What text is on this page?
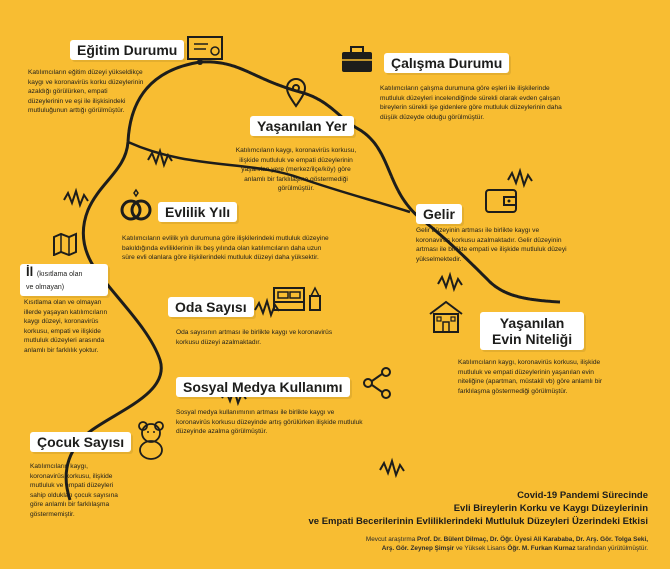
Eğitim Durumu
Katılımcıların eğitim düzeyi yükseldikçe
kaygı ve koronavirüs korku düzeylerinin
azaldığı görülürken, empati
düzeylerinin ve eşi ile ilişkisindeki
mutluluğunun arttığı görülmüştür.
Çalışma Durumu
Katılımcıların çalışma durumuna göre eşleri ile ilişkilerinde
mutluluk düzeyleri incelendiğinde sürekli olarak evden çalışan
bireylerin sürekli işe gidenlere göre mutluluk düzeylerinin daha
düşük düzeyde olduğu görülmüştür.
Yaşanılan Yer
Katılımcıların kaygı, koronavirüs korkusu,
ilişkide mutluluk ve empati düzeylerinin
yaşanılan yere (merkez/ilçe/köy) göre
anlamlı bir farklılaşma göstermediği
görülmüştür.
Evlilik Yılı
Katılımcıların evlilik yılı durumuna göre ilişkilerindeki mutluluk düzeyine
bakıldığında evliliklerinin ilk beş yılında olan katılımcıların daha uzun
süre evli olanlara göre ilişkilerindeki mutluluk düzeyi daha yüksektir.
Gelir
Gelir düzeyinin artması ile birlikte kaygı ve
koronavirüs korkusu azalmaktadır. Gelir düzeyinin
artması ile birlikte empati ve ilişkide mutluluk düzeyi
yükselmektedir.
İl (kısıtlama olan
ve olmayan)
Kısıtlama olan ve olmayan
illerde yaşayan katılımcıların
kaygı düzeyi, koronavirüs
korkusu, empati ve ilişkide
mutluluk düzeyleri arasında
anlamlı bir farklılık yoktur.
Oda Sayısı
Oda sayısının artması ile birlikte kaygı ve koronavirüs
korkusu düzeyi azalmaktadır.
Yaşanılan
Evin Niteliği
Katılımcıların kaygı, koronavirüs korkusu, ilişkide
mutluluk ve empati düzeylerinin yaşanılan evin
niteliğine (apartman, müstakil vb) göre anlamlı bir
farklılaşma göstermediği görülmüştür.
Sosyal Medya Kullanımı
Sosyal medya kullanımının artması ile birlikte kaygı ve
koronavirüs korkusu düzeyinde artış görülürken ilişkide mutluluk
düzeyinde azalma görülmüştür.
Çocuk Sayısı
Katılımcıların kaygı,
koronavirüs korkusu, ilişkide
mutluluk ve empati düzeyleri
sahip oldukları çocuk sayısına
göre anlamlı bir farklılaşma
göstermemiştir.
Covid-19 Pandemi Sürecinde
Evli Bireylerin Korku ve Kaygı Düzeylerinin
ve Empati Becerilerinin Evliliklerindeki Mutluluk Düzeyleri Üzerindeki Etkisi
Mevcut araştırma Prof. Dr. Bülent Dilmaç, Dr. Öğr. Üyesi Ali Karababa, Dr. Arş. Gör. Tolga Seki,
Arş. Gör. Zeynep Şimşir ve Yüksek Lisans Öğr. M. Furkan Kurnaz tarafından yürütülmüştür.
